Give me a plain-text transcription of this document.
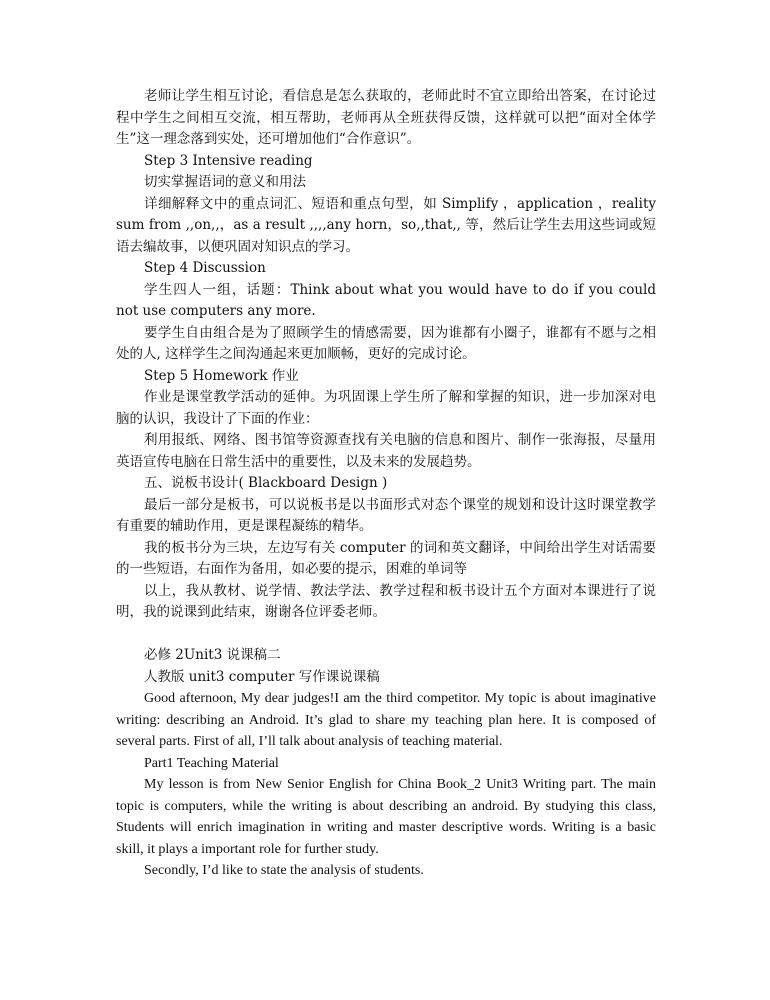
老师让学生相互讨论，看信息是怎么获取的，老师此时不宜立即给出答案，在讨论过程中学生之间相互交流，相互帮助，老师再从全班获得反馈，这样就可以把“面对全体学生”这一理念落到实处，还可增加他们“合作意识”。

Step 3 Intensive reading

切实掌握语词的意义和用法

详细解释文中的重点词汇、短语和重点句型，如 Simplify ，application ，reality sum from ,,on,,，as a result ,,,,any horn，so,,that,, 等，然后让学生去用这些词或短语去编故事，以便巩固对知识点的学习。

Step 4 Discussion

学生四人一组，话题：Think about what you would have to do if you could not use computers any more.

要学生自由组合是为了照顾学生的情感需要，因为谁都有小圈子，谁都有不愿与之相处的人, 这样学生之间沟通起来更加顺畅，更好的完成讨论。

Step 5 Homework 作业

作业是课堂教学活动的延伸。为巩固课上学生所了解和掌握的知识，进一步加深对电脑的认识，我设计了下面的作业：

利用报纸、网络、图书馆等资源查找有关电脑的信息和图片、制作一张海报，尽量用英语宣传电脑在日常生活中的重要性，以及未来的发展趋势。

五、说板书设计( Blackboard Design )

最后一部分是板书，可以说板书是以书面形式对态个课堂的规划和设计这时课堂教学有重要的辅助作用，更是课程凝练的精华。

我的板书分为三块，左边写有关 computer 的词和英文翻译，中间给出学生对话需要的一些短语，右面作为备用，如必要的提示，困难的单词等

以上，我从教材、说学情、教法学法、教学过程和板书设计五个方面对本课进行了说明，我的说课到此结束，谢谢各位评委老师。

必修 2Unit3 说课稿二

人教版 unit3 computer 写作课说课稿

Good afternoon, My dear judges!I am the third competitor. My topic is about imaginative writing: describing an Android. It’s glad to share my teaching plan here. It is composed of several parts. First of all, I’ll talk about analysis of teaching material.

Part1 Teaching Material

My lesson is from New Senior English for China Book_2 Unit3 Writing part. The main topic is computers, while the writing is about describing an android. By studying this class, Students will enrich imagination in writing and master descriptive words. Writing is a basic skill, it plays a important role for further study.

Secondly, I’d like to state the analysis of students.
